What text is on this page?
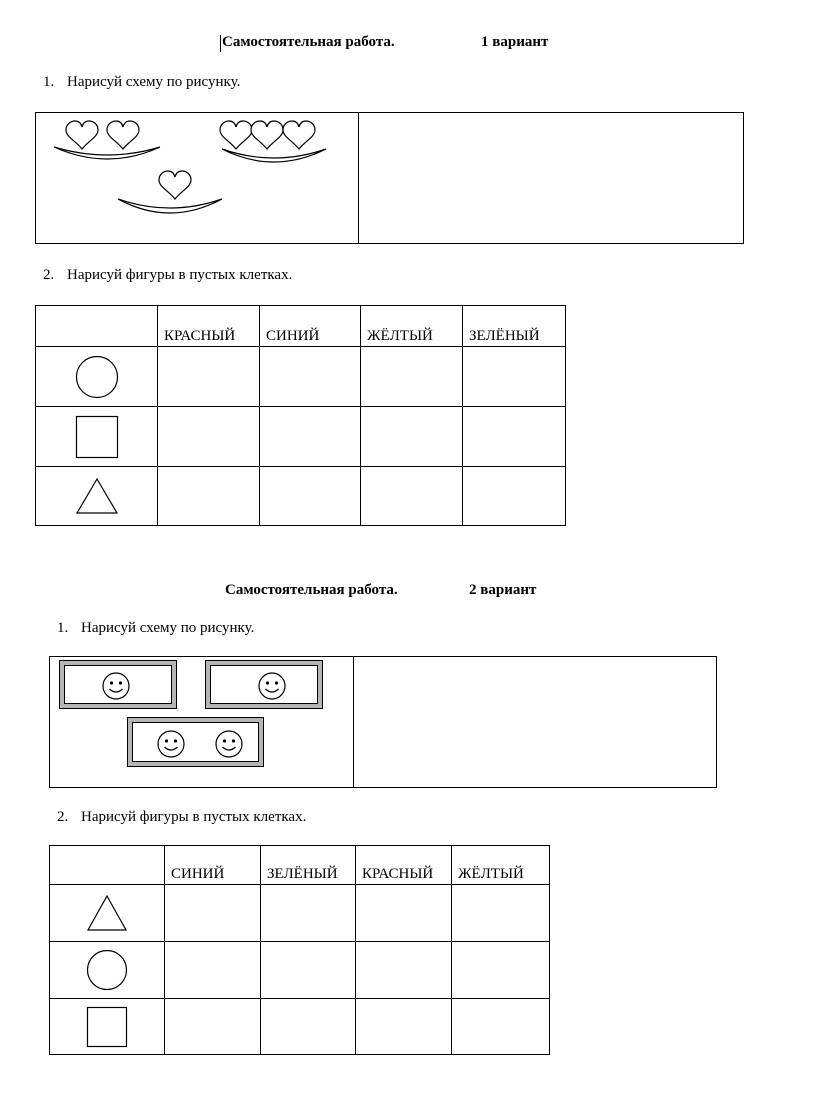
Самостоятельная работа.	1 вариант
1. Нарисуй схему по рисунку.
2. Нарисуй фигуры в пустых клетках.
	КРАСНЫЙ	СИНИЙ	ЖЁЛТЫЙ	ЗЕЛЁНЫЙ

Самостоятельная работа.	2 вариант
1. Нарисуй схему по рисунку.
2. Нарисуй фигуры в пустых клетках.
	СИНИЙ	ЗЕЛЁНЫЙ	КРАСНЫЙ	ЖЁЛТЫЙ
